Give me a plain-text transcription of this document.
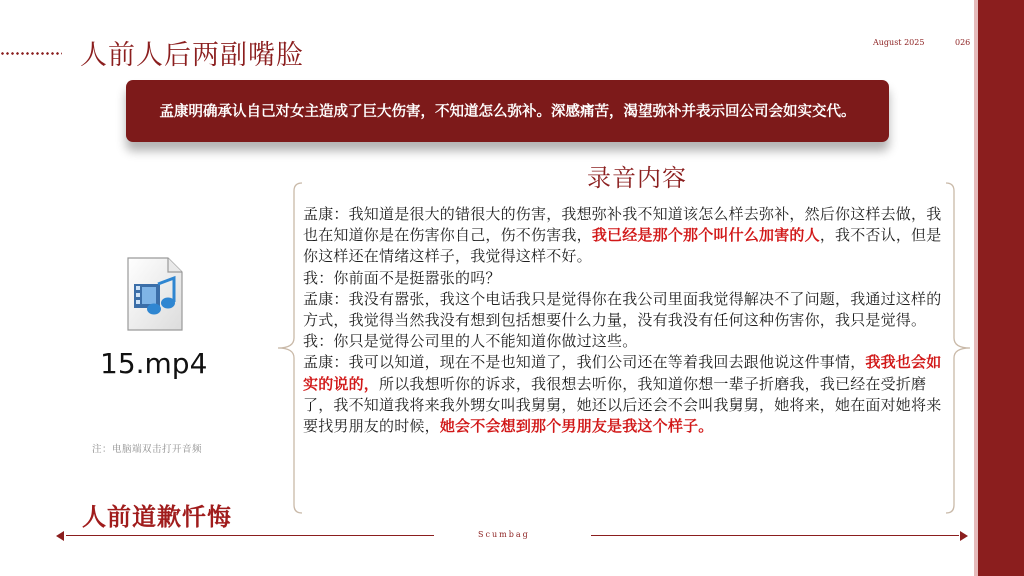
人前人后两副嘴脸	August 2025	026
孟康明确承认自己对女主造成了巨大伤害，不知道怎么弥补。深感痛苦，渴望弥补并表示回公司会如实交代。
录音内容
15.mp4
注：电脑端双击打开音频

孟康：我知道是很大的错很大的伤害，我想弥补我不知道该怎么样去弥补，然后你这样去做，我也在知道你是在伤害你自己，伤不伤害我，我已经是那个那个叫什么加害的人，我不否认，但是你这样还在情绪这样子，我觉得这样不好。

我：你前面不是挺嚣张的吗？

孟康：我没有嚣张，我这个电话我只是觉得你在我公司里面我觉得解决不了问题，我通过这样的方式，我觉得当然我没有想到包括想要什么力量，没有我没有任何这种伤害你，我只是觉得。

我：你只是觉得公司里的人不能知道你做过这些。

孟康：我可以知道，现在不是也知道了，我们公司还在等着我回去跟他说这件事情，我我也会如实的说的，所以我想听你的诉求，我很想去听你，我知道你想一辈子折磨我，我已经在受折磨了，我不知道我将来我外甥女叫我舅舅，她还以后还会不会叫我舅舅，她将来，她在面对她将来要找男朋友的时候，她会不会想到那个男朋友是我这个样子。

人前道歉忏悔
Scumbag
